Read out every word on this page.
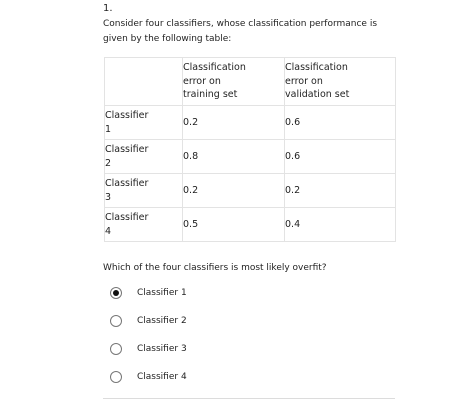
1.
Consider four classifiers, whose classification performance is given by the following table:

	Classification error on training set	Classification error on validation set

Classifier 1	0.2	0.6

Classifier 2	0.8	0.6

Classifier 3	0.2	0.2

Classifier 4	0.5	0.4
Which of the four classifiers is most likely overfit?
Classifier 1
Classifier 2
Classifier 3
Classifier 4
